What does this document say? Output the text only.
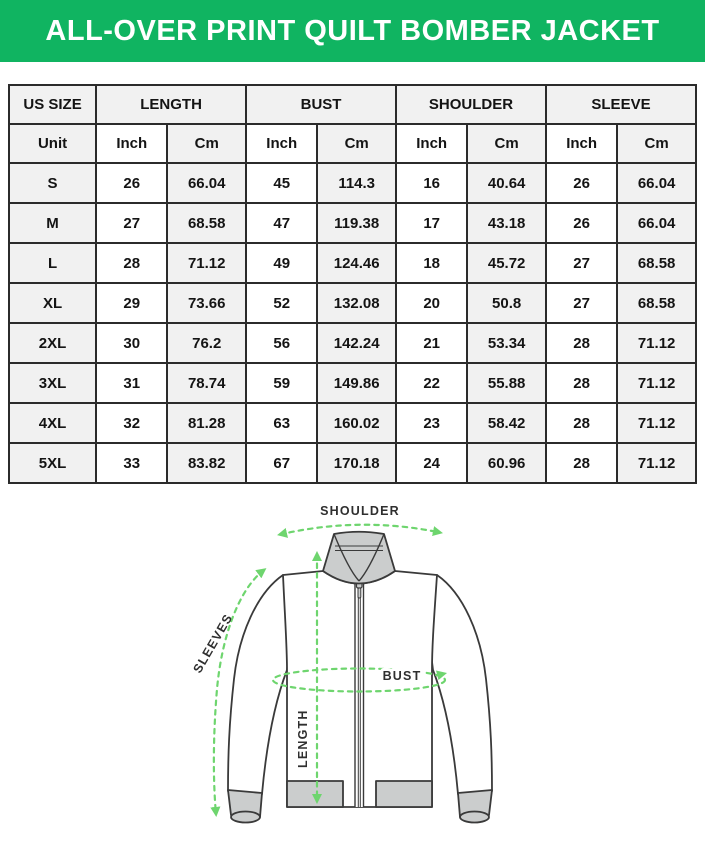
ALL-OVER PRINT QUILT BOMBER JACKET
US SIZE	LENGTH		BUST		SHOULDER		SLEEVE	
Unit	Inch	Cm	Inch	Cm	Inch	Cm	Inch	Cm
S	26	66.04	45	114.3	16	40.64	26	66.04
M	27	68.58	47	119.38	17	43.18	26	66.04
L	28	71.12	49	124.46	18	45.72	27	68.58
XL	29	73.66	52	132.08	20	50.8	27	68.58
2XL	30	76.2	56	142.24	21	53.34	28	71.12
3XL	31	78.74	59	149.86	22	55.88	28	71.12
4XL	32	81.28	63	160.02	23	58.42	28	71.12
5XL	33	83.82	67	170.18	24	60.96	28	71.12
SHOULDER
SLEEVES
BUST
LENGTH
